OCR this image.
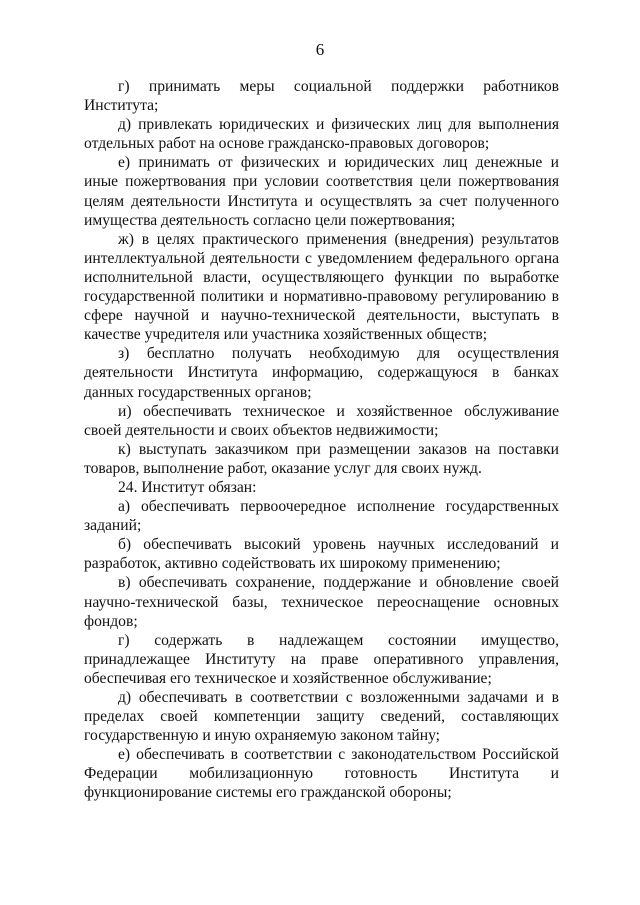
6

г) принимать меры социальной поддержки работников Института;

д) привлекать юридических и физических лиц для выполнения отдельных работ на основе гражданско-правовых договоров;

е) принимать от физических и юридических лиц денежные и иные пожертвования при условии соответствия цели пожертвования целям деятельности Института и осуществлять за счет полученного имущества деятельность согласно цели пожертвования;

ж) в целях практического применения (внедрения) результатов интеллектуальной деятельности с уведомлением федерального органа исполнительной власти, осуществляющего функции по выработке государственной политики и нормативно-правовому регулированию в сфере научной и научно-технической деятельности, выступать в качестве учредителя или участника хозяйственных обществ;

з) бесплатно получать необходимую для осуществления деятельности Института информацию, содержащуюся в банках данных государственных органов;

и) обеспечивать техническое и хозяйственное обслуживание своей деятельности и своих объектов недвижимости;

к) выступать заказчиком при размещении заказов на поставки товаров, выполнение работ, оказание услуг для своих нужд.

24. Институт обязан:

а) обеспечивать первоочередное исполнение государственных заданий;

б) обеспечивать высокий уровень научных исследований и разработок, активно содействовать их широкому применению;

в) обеспечивать сохранение, поддержание и обновление своей научно-технической базы, техническое переоснащение основных фондов;

г) содержать в надлежащем состоянии имущество, принадлежащее Институту на праве оперативного управления, обеспечивая его техническое и хозяйственное обслуживание;

д) обеспечивать в соответствии с возложенными задачами и в пределах своей компетенции защиту сведений, составляющих государственную и иную охраняемую законом тайну;

е) обеспечивать в соответствии с законодательством Российской Федерации мобилизационную готовность Института и функционирование системы его гражданской обороны;
